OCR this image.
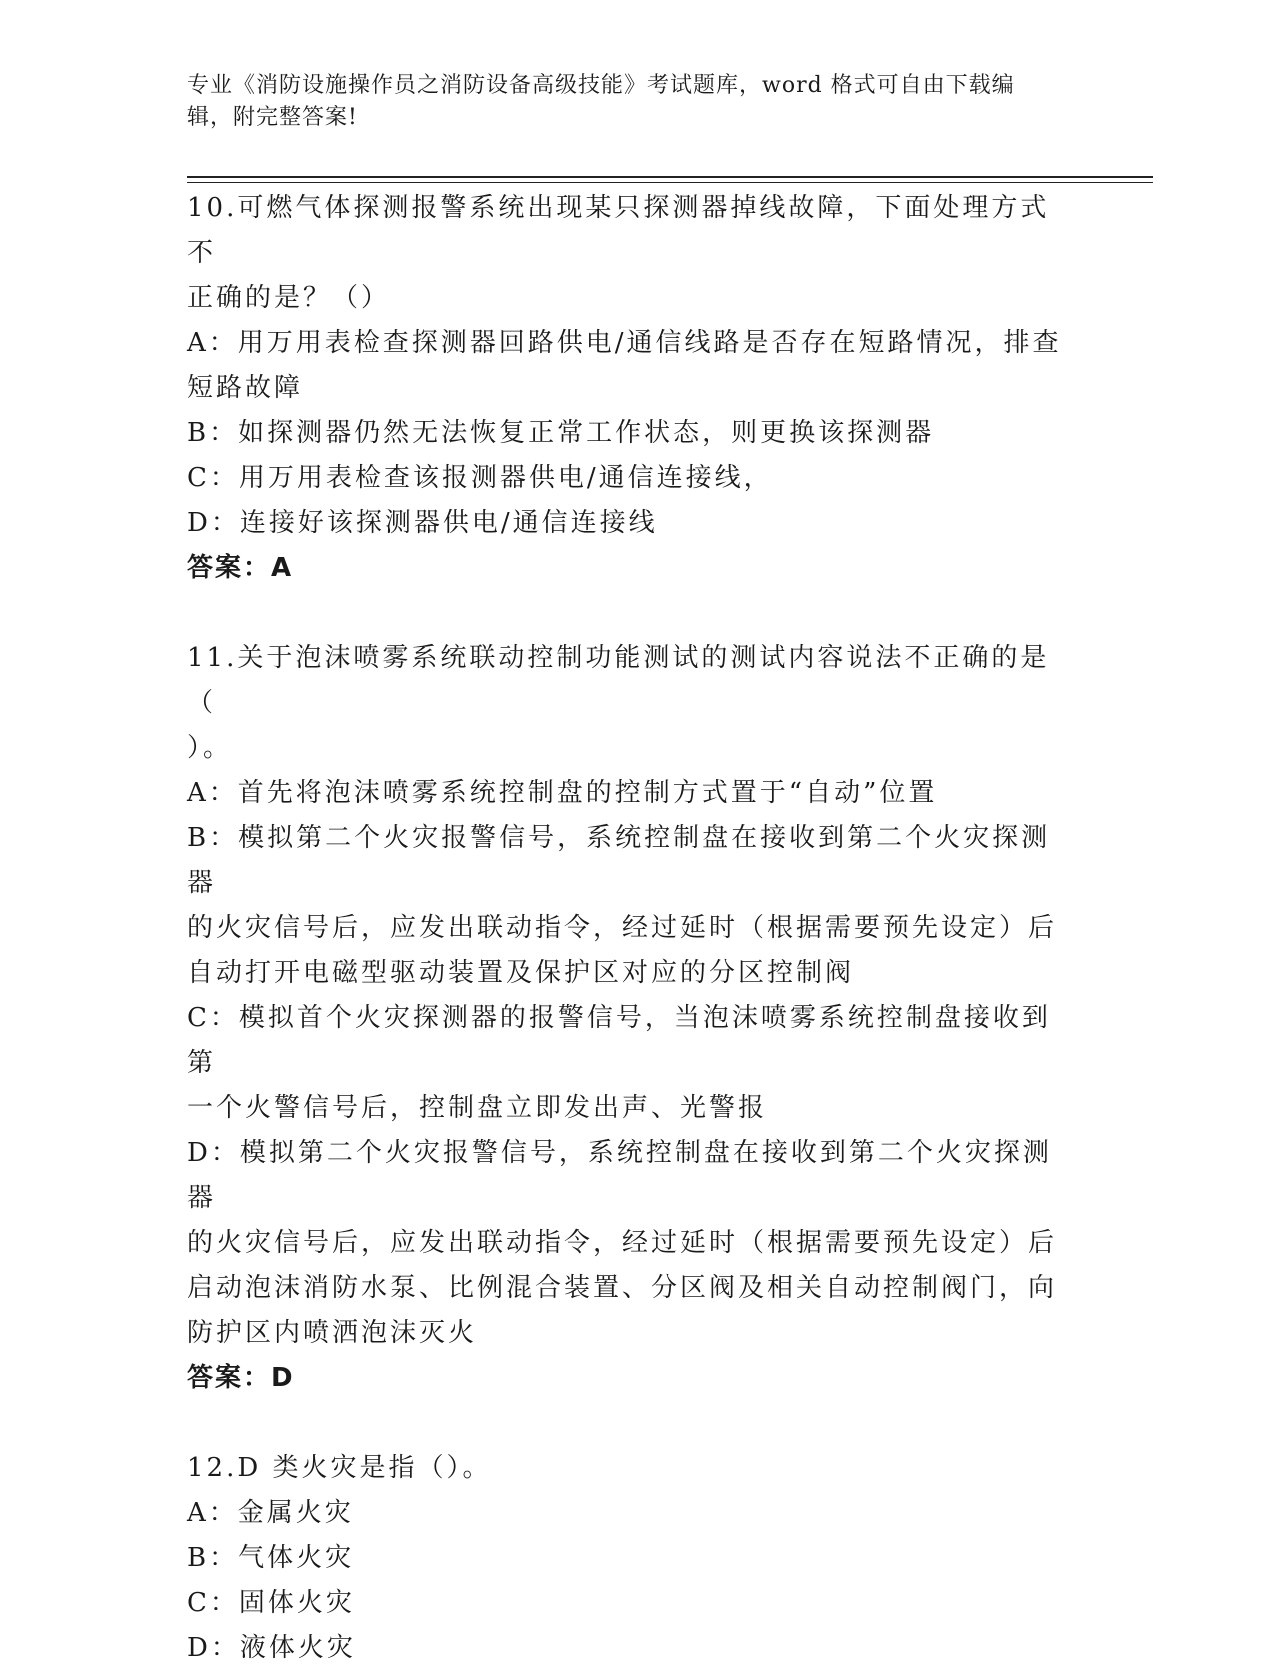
专业《消防设施操作员之消防设备高级技能》考试题库，word 格式可自由下载编
辑，附完整答案!
10.可燃气体探测报警系统出现某只探测器掉线故障，下面处理方式不
正确的是？（）
A：用万用表检查探测器回路供电/通信线路是否存在短路情况，排查
短路故障
B：如探测器仍然无法恢复正常工作状态，则更换该探测器
C：用万用表检查该报测器供电/通信连接线，
D：连接好该探测器供电/通信连接线
答案：A
11.关于泡沫喷雾系统联动控制功能测试的测试内容说法不正确的是（
）。
A：首先将泡沫喷雾系统控制盘的控制方式置于“自动”位置
B：模拟第二个火灾报警信号，系统控制盘在接收到第二个火灾探测器
的火灾信号后，应发出联动指令，经过延时（根据需要预先设定）后
自动打开电磁型驱动装置及保护区对应的分区控制阀
C：模拟首个火灾探测器的报警信号，当泡沫喷雾系统控制盘接收到第
一个火警信号后，控制盘立即发出声、光警报
D：模拟第二个火灾报警信号，系统控制盘在接收到第二个火灾探测器
的火灾信号后，应发出联动指令，经过延时（根据需要预先设定）后
启动泡沫消防水泵、比例混合装置、分区阀及相关自动控制阀门，向
防护区内喷洒泡沫灭火
答案：D
12.D 类火灾是指（）。
A：金属火灾
B：气体火灾
C：固体火灾
D：液体火灾
